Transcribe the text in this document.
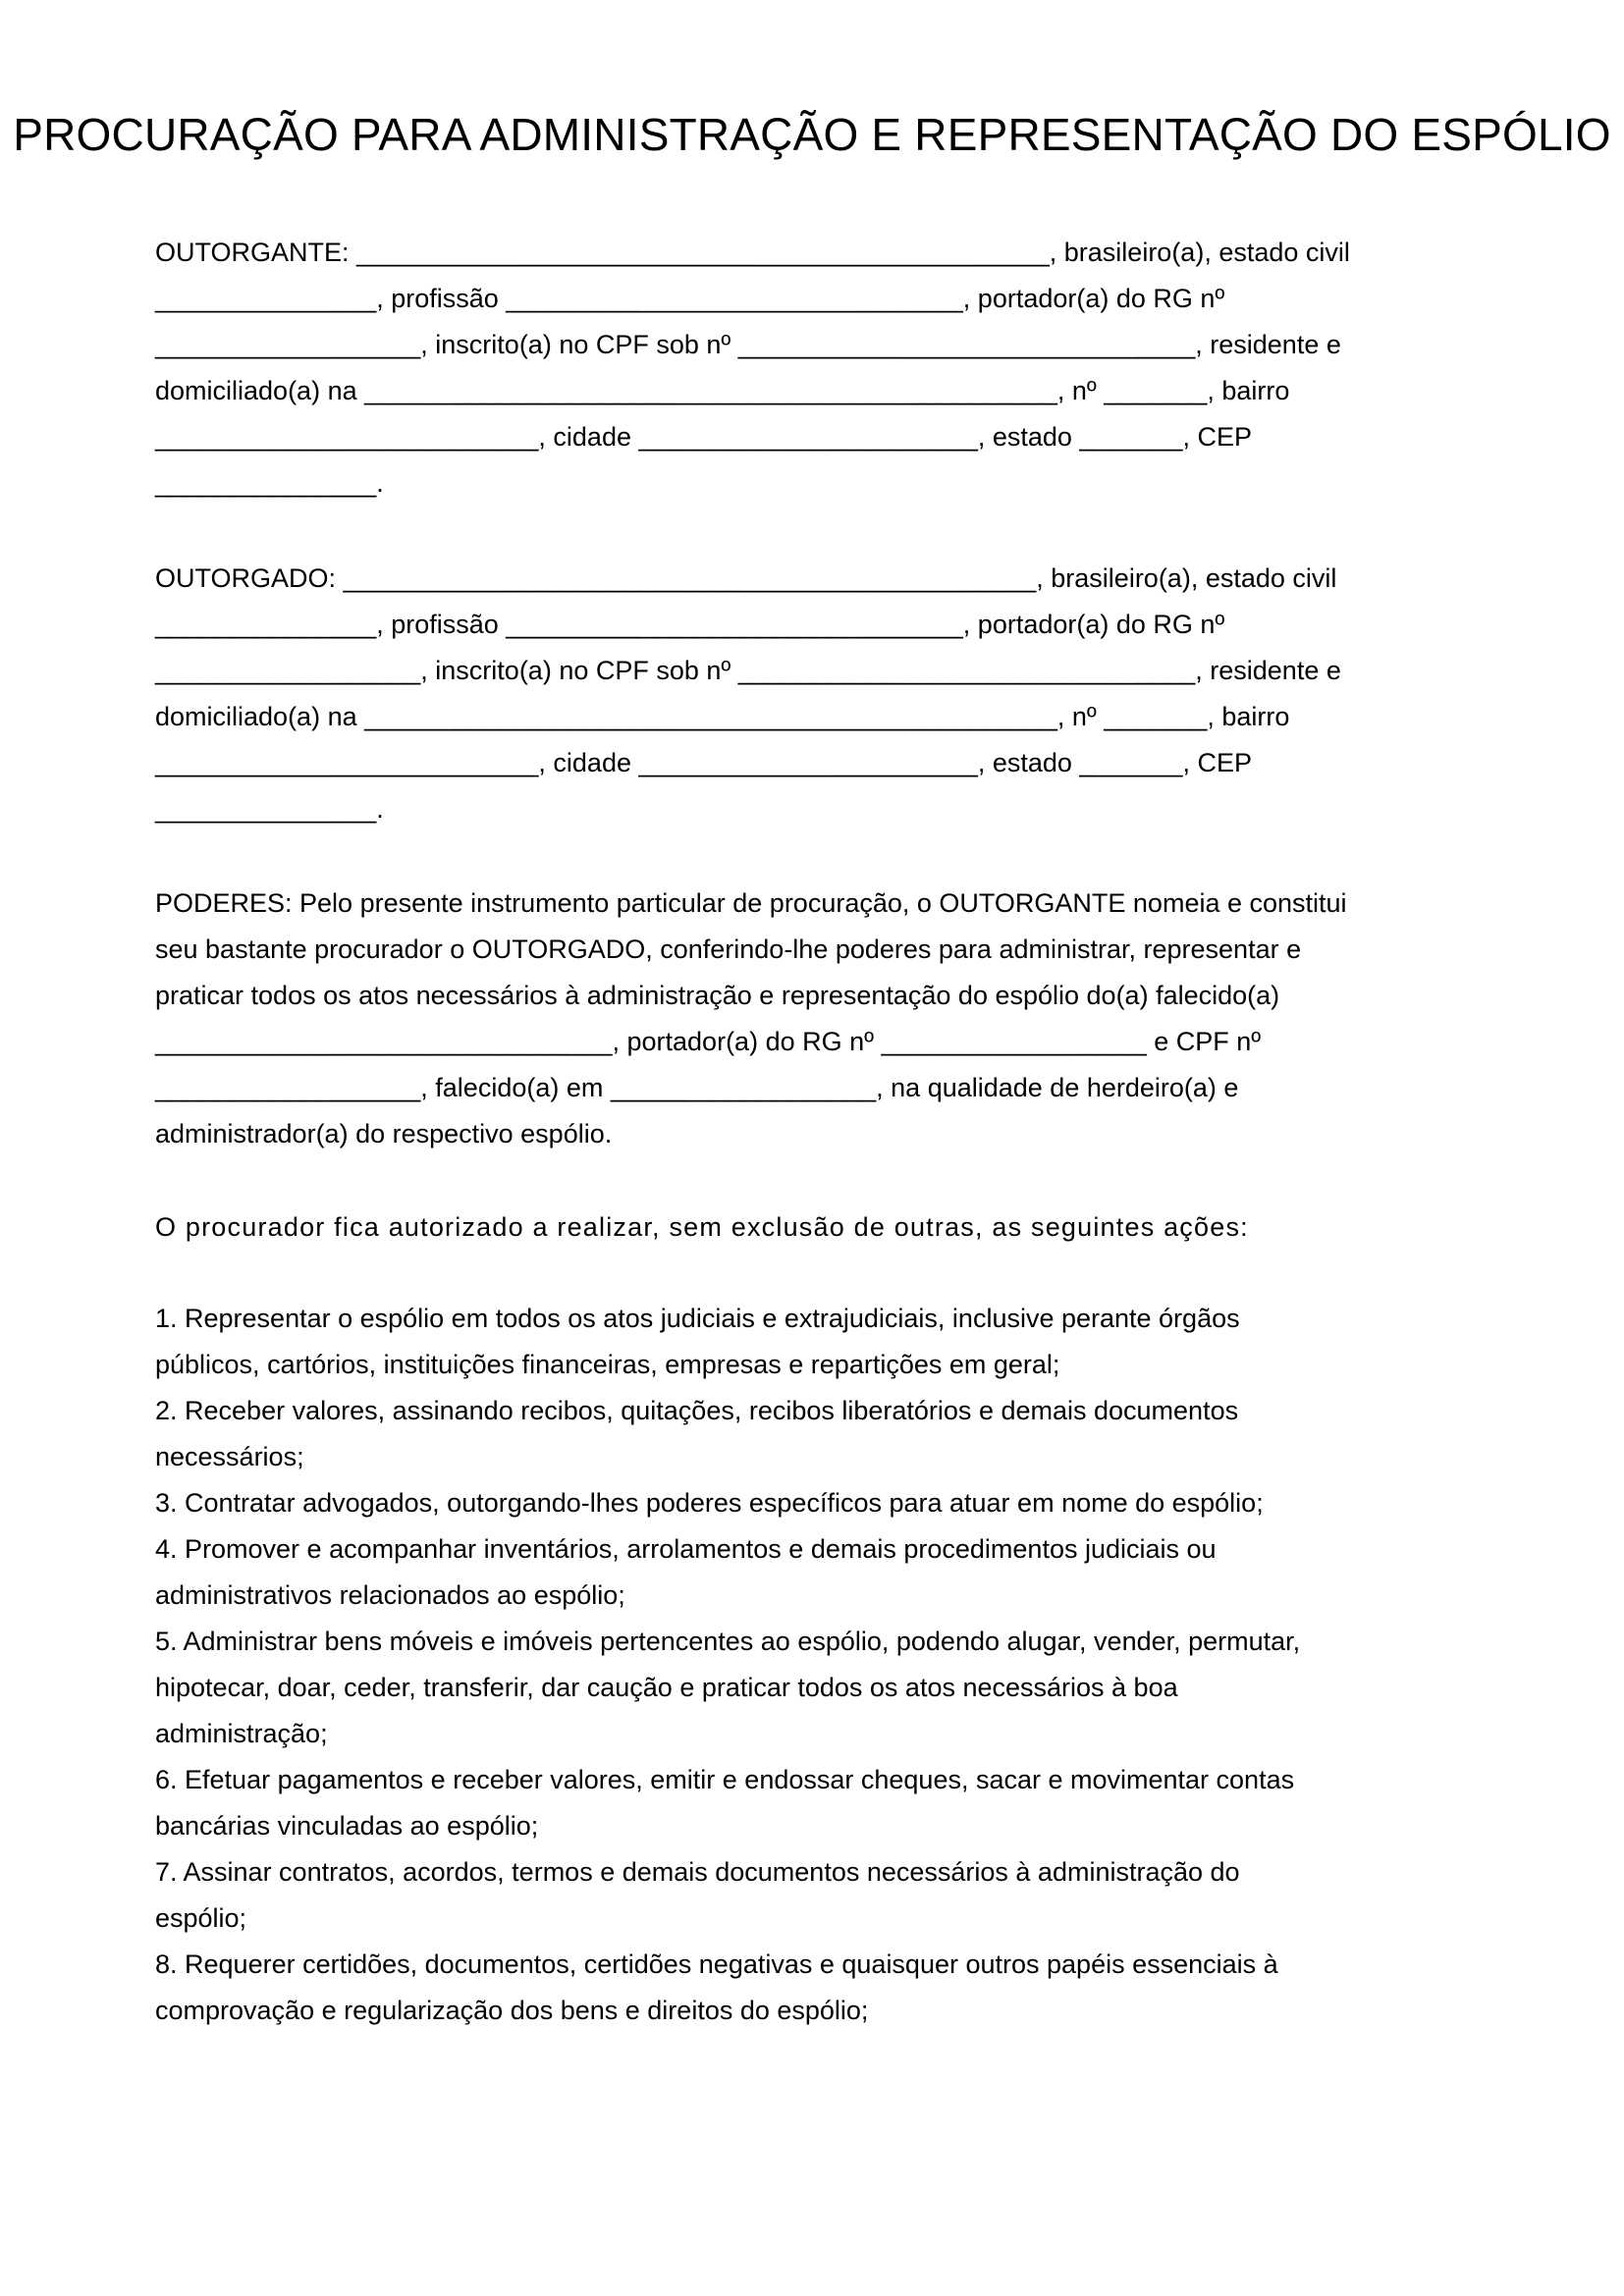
PROCURAÇÃO PARA ADMINISTRAÇÃO E REPRESENTAÇÃO DO ESPÓLIO
OUTORGANTE: _______________________________________________, brasileiro(a), estado civil
_______________, profissão _______________________________, portador(a) do RG nº
__________________, inscrito(a) no CPF sob nº _______________________________, residente e
domiciliado(a) na _______________________________________________, nº _______, bairro
__________________________, cidade _______________________, estado _______, CEP
_______________.
OUTORGADO: _______________________________________________, brasileiro(a), estado civil
_______________, profissão _______________________________, portador(a) do RG nº
__________________, inscrito(a) no CPF sob nº _______________________________, residente e
domiciliado(a) na _______________________________________________, nº _______, bairro
__________________________, cidade _______________________, estado _______, CEP
_______________.
PODERES: Pelo presente instrumento particular de procuração, o OUTORGANTE nomeia e constitui
seu bastante procurador o OUTORGADO, conferindo-lhe poderes para administrar, representar e
praticar todos os atos necessários à administração e representação do espólio do(a) falecido(a)
_______________________________, portador(a) do RG nº __________________ e CPF nº
__________________, falecido(a) em __________________, na qualidade de herdeiro(a) e
administrador(a) do respectivo espólio.
O procurador fica autorizado a realizar, sem exclusão de outras, as seguintes ações:
1. Representar o espólio em todos os atos judiciais e extrajudiciais, inclusive perante órgãos
públicos, cartórios, instituições financeiras, empresas e repartições em geral;
2. Receber valores, assinando recibos, quitações, recibos liberatórios e demais documentos
necessários;
3. Contratar advogados, outorgando-lhes poderes específicos para atuar em nome do espólio;
4. Promover e acompanhar inventários, arrolamentos e demais procedimentos judiciais ou
administrativos relacionados ao espólio;
5. Administrar bens móveis e imóveis pertencentes ao espólio, podendo alugar, vender, permutar,
hipotecar, doar, ceder, transferir, dar caução e praticar todos os atos necessários à boa
administração;
6. Efetuar pagamentos e receber valores, emitir e endossar cheques, sacar e movimentar contas
bancárias vinculadas ao espólio;
7. Assinar contratos, acordos, termos e demais documentos necessários à administração do
espólio;
8. Requerer certidões, documentos, certidões negativas e quaisquer outros papéis essenciais à
comprovação e regularização dos bens e direitos do espólio;
